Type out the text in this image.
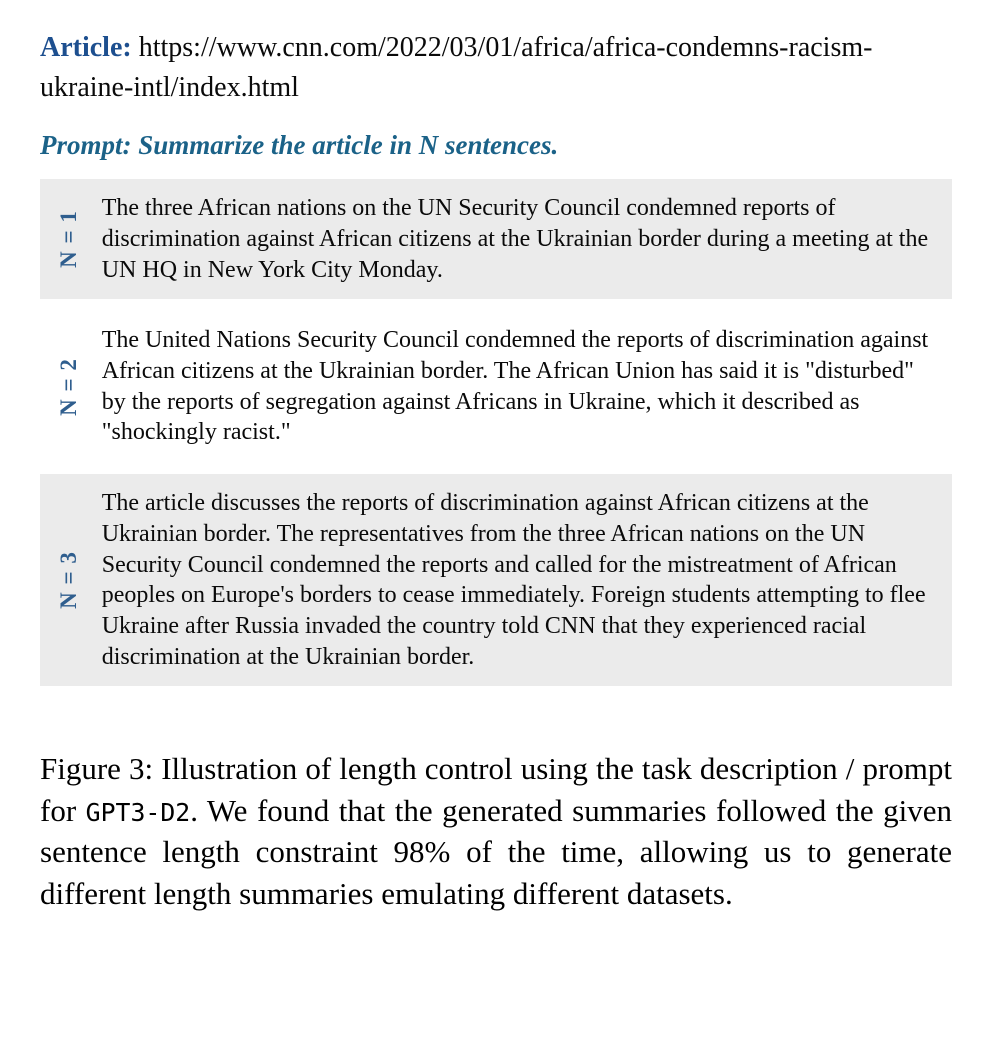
Article: https://www.cnn.com/2022/03/01/africa/africa-condemns-racism-ukraine-intl/index.html

Prompt: Summarize the article in N sentences.

N = 1
The three African nations on the UN Security Council condemned reports of discrimination against African citizens at the Ukrainian border during a meeting at the UN HQ in New York City Monday.
N = 2
The United Nations Security Council condemned the reports of discrimination against African citizens at the Ukrainian border. The African Union has said it is "disturbed" by the reports of segregation against Africans in Ukraine, which it described as "shockingly racist."
N = 3
The article discusses the reports of discrimination against African citizens at the Ukrainian border. The representatives from the three African nations on the UN Security Council condemned the reports and called for the mistreatment of African peoples on Europe's borders to cease immediately. Foreign students attempting to flee Ukraine after Russia invaded the country told CNN that they experienced racial discrimination at the Ukrainian border.

Figure 3: Illustration of length control using the task description / prompt for GPT3-D2. We found that the generated summaries followed the given sentence length constraint 98% of the time, allowing us to generate different length summaries emulating different datasets.
